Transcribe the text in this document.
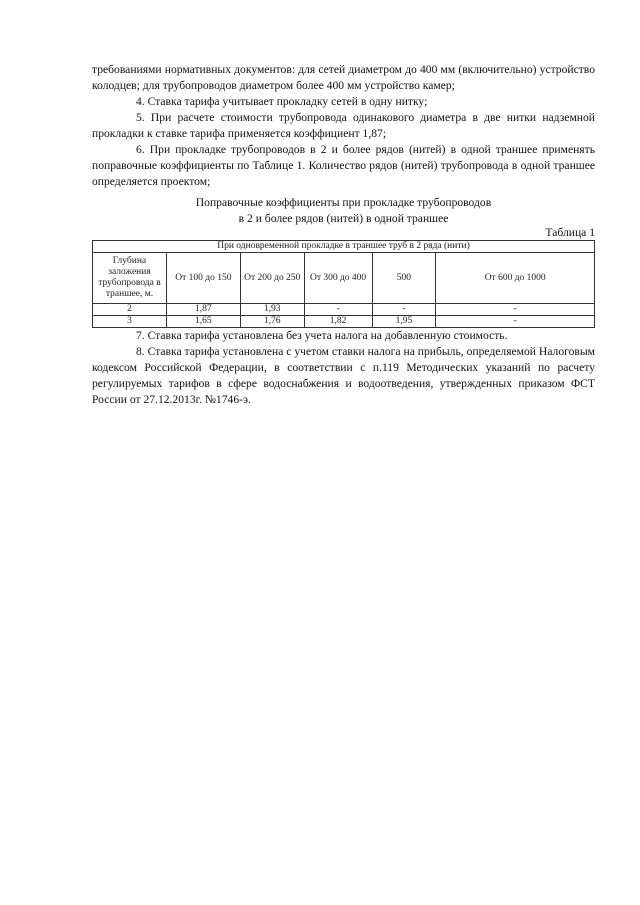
требованиями нормативных документов: для сетей диаметром до 400 мм (включительно) устройство колодцев; для трубопроводов диаметром более 400 мм устройство камер;

4. Ставка тарифа учитывает прокладку сетей в одну нитку;

5. При расчете стоимости трубопровода одинакового диаметра в две нитки надземной прокладки к ставке тарифа применяется коэффициент 1,87;

6. При прокладке трубопроводов в 2 и более рядов (нитей) в одной траншее применять поправочные коэффициенты по Таблице 1. Количество рядов (нитей) трубопровода в одной траншее определяется проектом;

Поправочные коэффициенты при прокладке трубопроводов
в 2 и более рядов (нитей) в одной траншее
Таблица 1
При одновременной прокладке в траншее труб в 2 ряда (нити)					
Глубина заложения трубопровода в траншее, м.	От 100 до 150	От 200 до 250	От 300 до 400	500	От 600 до 1000
2	1,87	1,93	-	-	-
3	1,65	1,76	1,82	1,95	-

7. Ставка тарифа установлена без учета налога на добавленную стоимость.

8. Ставка тарифа установлена с учетом ставки налога на прибыль, определяемой Налоговым кодексом Российской Федерации, в соответствии с п.119 Методических указаний по расчету регулируемых тарифов в сфере водоснабжения и водоотведения, утвержденных приказом ФСТ России от 27.12.2013г. №1746-э.
